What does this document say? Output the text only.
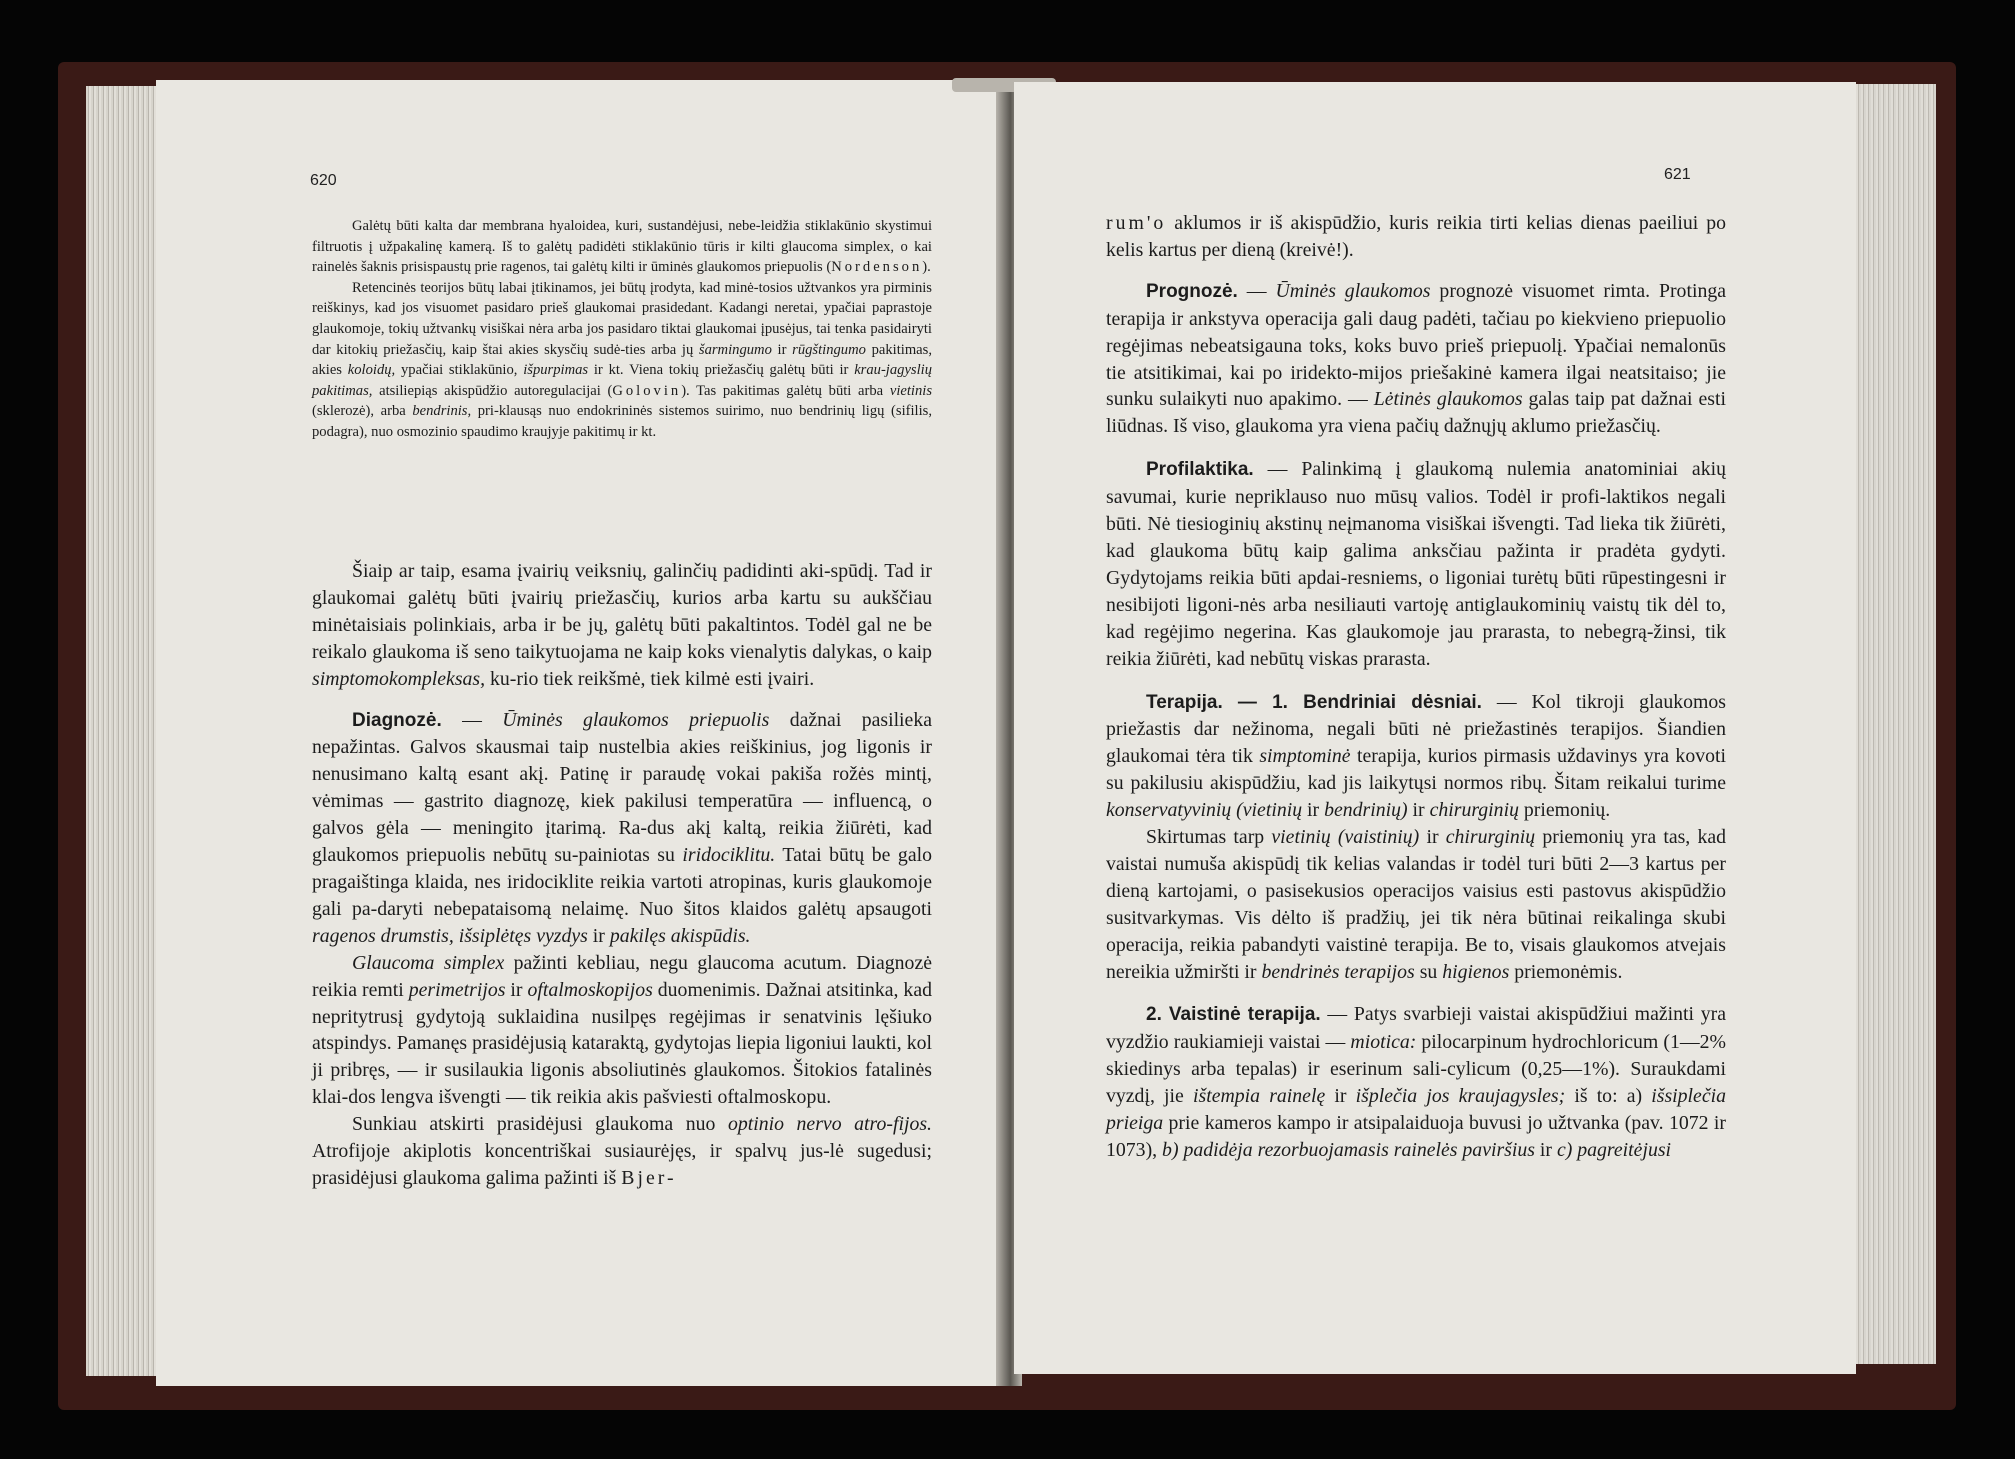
620

Galėtų būti kalta dar membrana hyaloidea, kuri, sustandėjusi, nebe-leidžia stiklakūnio skystimui filtruotis į užpakalinę kamerą. Iš to galėtų padidėti stiklakūnio tūris ir kilti glaucoma simplex, o kai rainelės šaknis prisispaustų prie ragenos, tai galėtų kilti ir ūminės glaukomos priepuolis (Nordenson).

Retencinės teorijos būtų labai įtikinamos, jei būtų įrodyta, kad minė-tosios užtvankos yra pirminis reiškinys, kad jos visuomet pasidaro prieš glaukomai prasidedant. Kadangi neretai, ypačiai paprastoje glaukomoje, tokių užtvankų visiškai nėra arba jos pasidaro tiktai glaukomai įpusėjus, tai tenka pasidairyti dar kitokių priežasčių, kaip štai akies skysčių sudė-ties arba jų šarmingumo ir rūgštingumo pakitimas, akies koloidų, ypačiai stiklakūnio, išpurpimas ir kt. Viena tokių priežasčių galėtų būti ir krau-jagyslių pakitimas, atsiliepiąs akispūdžio autoregulacijai (Golovin). Tas pakitimas galėtų būti arba vietinis (sklerozė), arba bendrinis, pri-klausąs nuo endokrininės sistemos suirimo, nuo bendrinių ligų (sifilis, podagra), nuo osmozinio spaudimo kraujyje pakitimų ir kt.

Šiaip ar taip, esama įvairių veiksnių, galinčių padidinti aki-spūdį. Tad ir glaukomai galėtų būti įvairių priežasčių, kurios arba kartu su aukščiau minėtaisiais polinkiais, arba ir be jų, galėtų būti pakaltintos. Todėl gal ne be reikalo glaukoma iš seno taikytuojama ne kaip koks vienalytis dalykas, o kaip simptomokompleksas, ku-rio tiek reikšmė, tiek kilmė esti įvairi.

Diagnozė. — Ūminės glaukomos priepuolis dažnai pasilieka nepažintas. Galvos skausmai taip nustelbia akies reiškinius, jog ligonis ir nenusimano kaltą esant akį. Patinę ir paraudę vokai pakiša rožės mintį, vėmimas — gastrito diagnozę, kiek pakilusi temperatūra — influencą, o galvos gėla — meningito įtarimą. Ra-dus akį kaltą, reikia žiūrėti, kad glaukomos priepuolis nebūtų su-painiotas su iridociklitu. Tatai būtų be galo pragaištinga klaida, nes iridociklite reikia vartoti atropinas, kuris glaukomoje gali pa-daryti nebepataisomą nelaimę. Nuo šitos klaidos galėtų apsaugoti ragenos drumstis, išsiplėtęs vyzdys ir pakilęs akispūdis.

Glaucoma simplex pažinti kebliau, negu glaucoma acutum. Diagnozė reikia remti perimetrijos ir oftalmoskopijos duomenimis. Dažnai atsitinka, kad nepritytrusį gydytoją suklaidina nusilpęs regėjimas ir senatvinis lęšiuko atspindys. Pamanęs prasidėjusią kataraktą, gydytojas liepia ligoniui laukti, kol ji pribręs, — ir susilaukia ligonis absoliutinės glaukomos. Šitokios fatalinės klai-dos lengva išvengti — tik reikia akis pašviesti oftalmoskopu.

Sunkiau atskirti prasidėjusi glaukoma nuo optinio nervo atro-fijos. Atrofijoje akiplotis koncentriškai susiaurėjęs, ir spalvų jus-lė sugedusi; prasidėjusi glaukoma galima pažinti iš Bjer-

621

rum'o aklumos ir iš akispūdžio, kuris reikia tirti kelias dienas paeiliui po kelis kartus per dieną (kreivė!).

Prognozė. — Ūminės glaukomos prognozė visuomet rimta. Protinga terapija ir ankstyva operacija gali daug padėti, tačiau po kiekvieno priepuolio regėjimas nebeatsigauna toks, koks buvo prieš priepuolį. Ypačiai nemalonūs tie atsitikimai, kai po iridekto-mijos priešakinė kamera ilgai neatsitaiso; jie sunku sulaikyti nuo apakimo. — Lėtinės glaukomos galas taip pat dažnai esti liūdnas. Iš viso, glaukoma yra viena pačių dažnųjų aklumo priežasčių.

Profilaktika. — Palinkimą į glaukomą nulemia anatominiai akių savumai, kurie nepriklauso nuo mūsų valios. Todėl ir profi-laktikos negali būti. Nė tiesioginių akstinų neįmanoma visiškai išvengti. Tad lieka tik žiūrėti, kad glaukoma būtų kaip galima anksčiau pažinta ir pradėta gydyti. Gydytojams reikia būti apdai-resniems, o ligoniai turėtų būti rūpestingesni ir nesibijoti ligoni-nės arba nesiliauti vartoję antiglaukominių vaistų tik dėl to, kad regėjimo negerina. Kas glaukomoje jau prarasta, to nebegrą-žinsi, tik reikia žiūrėti, kad nebūtų viskas prarasta.

Terapija. — 1. Bendriniai dėsniai. — Kol tikroji glaukomos priežastis dar nežinoma, negali būti nė priežastinės terapijos. Šiandien glaukomai tėra tik simptominė terapija, kurios pirmasis uždavinys yra kovoti su pakilusiu akispūdžiu, kad jis laikytųsi normos ribų. Šitam reikalui turime konservatyvinių (vietinių ir bendrinių) ir chirurginių priemonių.

Skirtumas tarp vietinių (vaistinių) ir chirurginių priemonių yra tas, kad vaistai numuša akispūdį tik kelias valandas ir todėl turi būti 2—3 kartus per dieną kartojami, o pasisekusios operacijos vaisius esti pastovus akispūdžio susitvarkymas. Vis dėlto iš pradžių, jei tik nėra būtinai reikalinga skubi operacija, reikia pabandyti vaistinė terapija. Be to, visais glaukomos atvejais nereikia užmiršti ir bendrinės terapijos su higienos priemonėmis.

2. Vaistinė terapija. — Patys svarbieji vaistai akispūdžiui mažinti yra vyzdžio raukiamieji vaistai — miotica: pilocarpinum hydrochloricum (1—2% skiedinys arba tepalas) ir eserinum sali-cylicum (0,25—1%). Suraukdami vyzdį, jie ištempia rainelę ir išplečia jos kraujagysles; iš to: a) išsiplečia prieiga prie kameros kampo ir atsipalaiduoja buvusi jo užtvanka (pav. 1072 ir 1073), b) padidėja rezorbuojamasis rainelės paviršius ir c) pagreitėjusi
